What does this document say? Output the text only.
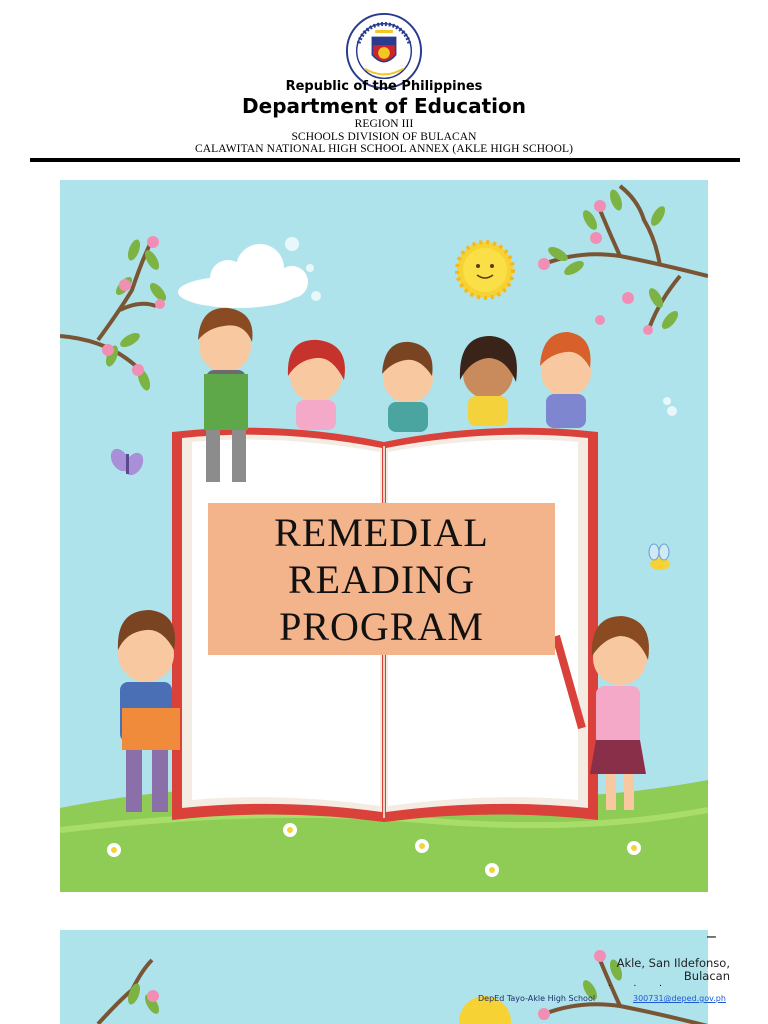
Republic of the Philippines
Department of Education
REGION III
SCHOOLS DIVISION OF BULACAN
CALAWITAN NATIONAL HIGH SCHOOL ANNEX (AKLE HIGH SCHOOL)
REMEDIAL
READING
PROGRAM
–
Akle, San Ildefonso,
Bulacan
. . .
DepEd Tayo-Akle High School	300731@deped.gov.ph
